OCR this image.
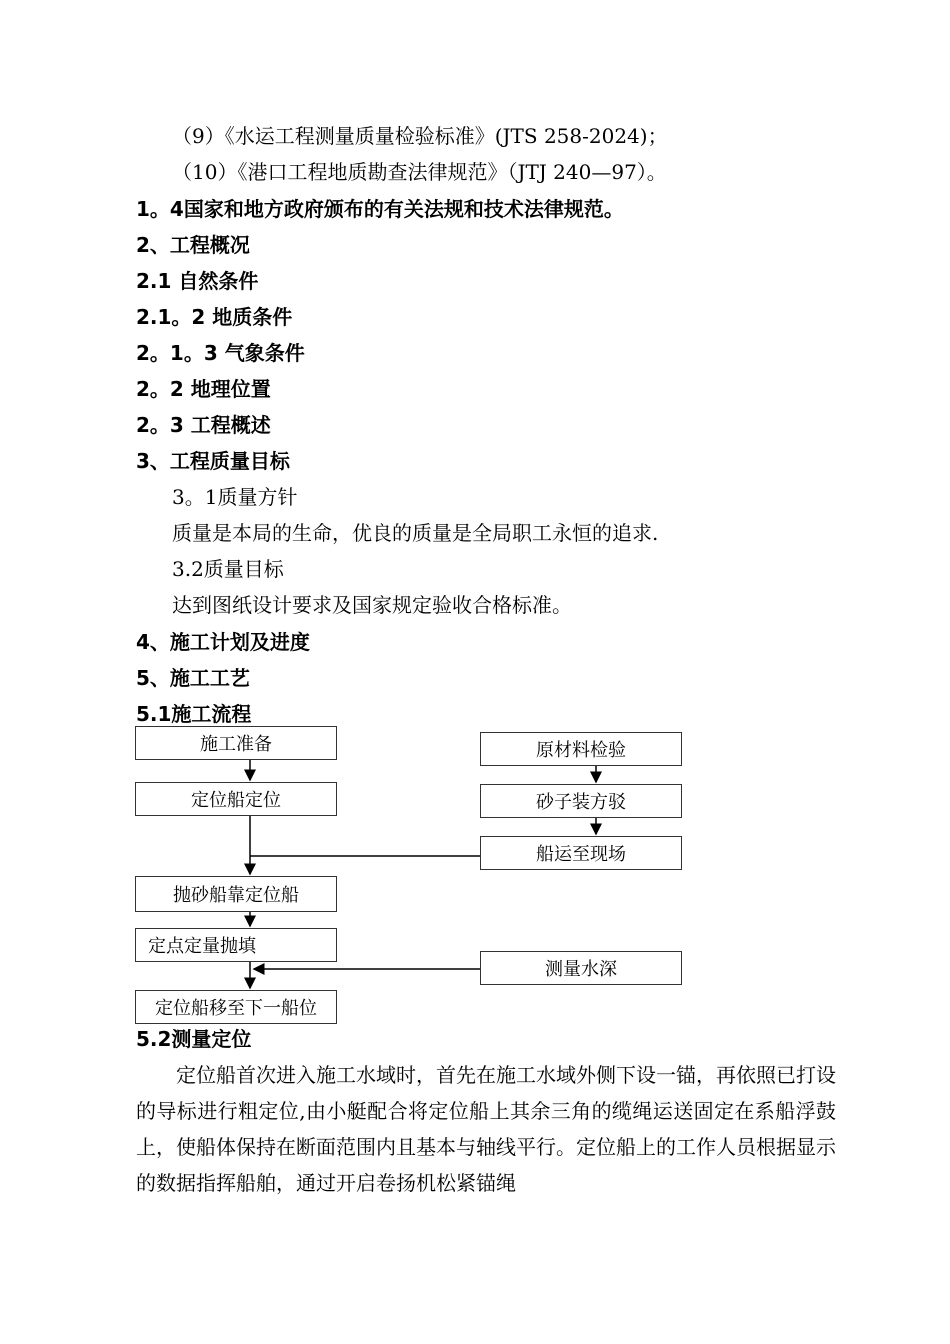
（9）《水运工程测量质量检验标准》(JTS 258-2024)；
（10）《港口工程地质勘查法律规范》（JTJ 240—97）。
1。4国家和地方政府颁布的有关法规和技术法律规范。
2、工程概况
2.1 自然条件
2.1。2 地质条件
2。1。3 气象条件
2。2 地理位置
2。3 工程概述
3、工程质量目标
3。1质量方针
质量是本局的生命，优良的质量是全局职工永恒的追求.
3.2质量目标
达到图纸设计要求及国家规定验收合格标准。
4、施工计划及进度
5、施工工艺
5.1施工流程
施工准备
定位船定位
抛砂船靠定位船
定点定量抛填
定位船移至下一船位
原材料检验
砂子装方驳
船运至现场
测量水深
5.2测量定位
定位船首次进入施工水域时，首先在施工水域外侧下设一锚，再依照已打设的导标进行粗定位,由小艇配合将定位船上其余三角的缆绳运送固定在系船浮鼓上，使船体保持在断面范围内且基本与轴线平行。定位船上的工作人员根据显示的数据指挥船舶，通过开启卷扬机松紧锚绳
